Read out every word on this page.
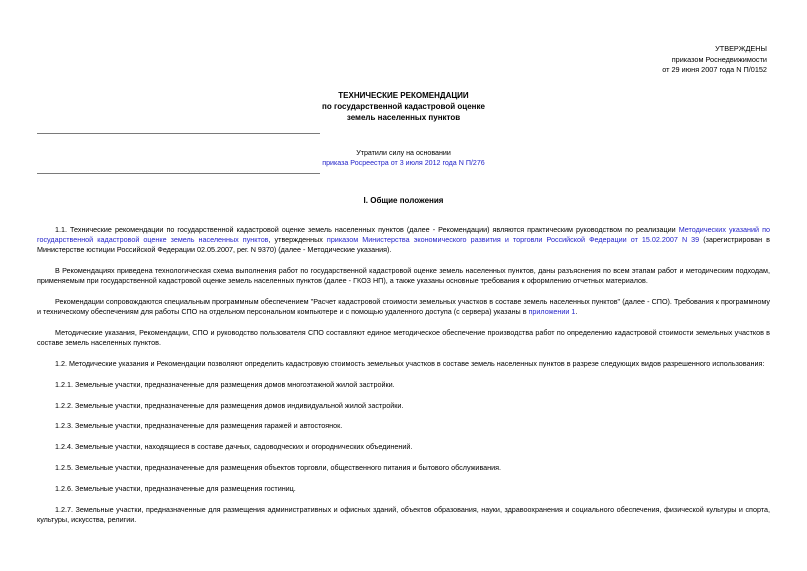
УТВЕРЖДЕНЫ
приказом Роснедвижимости
от 29 июня 2007 года N П/0152
ТЕХНИЧЕСКИЕ РЕКОМЕНДАЦИИ
по государственной кадастровой оценке
земель населенных пунктов
Утратили силу на основании
приказа Росреестра от 3 июля 2012 года N П/276
I. Общие положения

1.1. Технические рекомендации по государственной кадастровой оценке земель населенных пунктов (далее - Рекомендации) являются практическим руководством по реализации Методических указаний по государственной кадастровой оценке земель населенных пунктов, утвержденных приказом Министерства экономического развития и торговли Российской Федерации от 15.02.2007 N 39 (зарегистрирован в Министерстве юстиции Российской Федерации 02.05.2007, рег. N 9370) (далее - Методические указания).

В Рекомендациях приведена технологическая схема выполнения работ по государственной кадастровой оценке земель населенных пунктов, даны разъяснения по всем этапам работ и методическим подходам, применяемым при государственной кадастровой оценке земель населенных пунктов (далее - ГКОЗ НП), а также указаны основные требования к оформлению отчетных материалов.

Рекомендации сопровождаются специальным программным обеспечением "Расчет кадастровой стоимости земельных участков в составе земель населенных пунктов" (далее - СПО). Требования к программному и техническому обеспечениям для работы СПО на отдельном персональном компьютере и с помощью удаленного доступа (с сервера) указаны в приложении 1.

Методические указания, Рекомендации, СПО и руководство пользователя СПО составляют единое методическое обеспечение производства работ по определению кадастровой стоимости земельных участков в составе земель населенных пунктов.

1.2. Методические указания и Рекомендации позволяют определить кадастровую стоимость земельных участков в составе земель населенных пунктов в разрезе следующих видов разрешенного использования:

1.2.1. Земельные участки, предназначенные для размещения домов многоэтажной жилой застройки.

1.2.2. Земельные участки, предназначенные для размещения домов индивидуальной жилой застройки.

1.2.3. Земельные участки, предназначенные для размещения гаражей и автостоянок.

1.2.4. Земельные участки, находящиеся в составе дачных, садоводческих и огороднических объединений.

1.2.5. Земельные участки, предназначенные для размещения объектов торговли, общественного питания и бытового обслуживания.

1.2.6. Земельные участки, предназначенные для размещения гостиниц.

1.2.7. Земельные участки, предназначенные для размещения административных и офисных зданий, объектов образования, науки, здравоохранения и социального обеспечения, физической культуры и спорта, культуры, искусства, религии.
